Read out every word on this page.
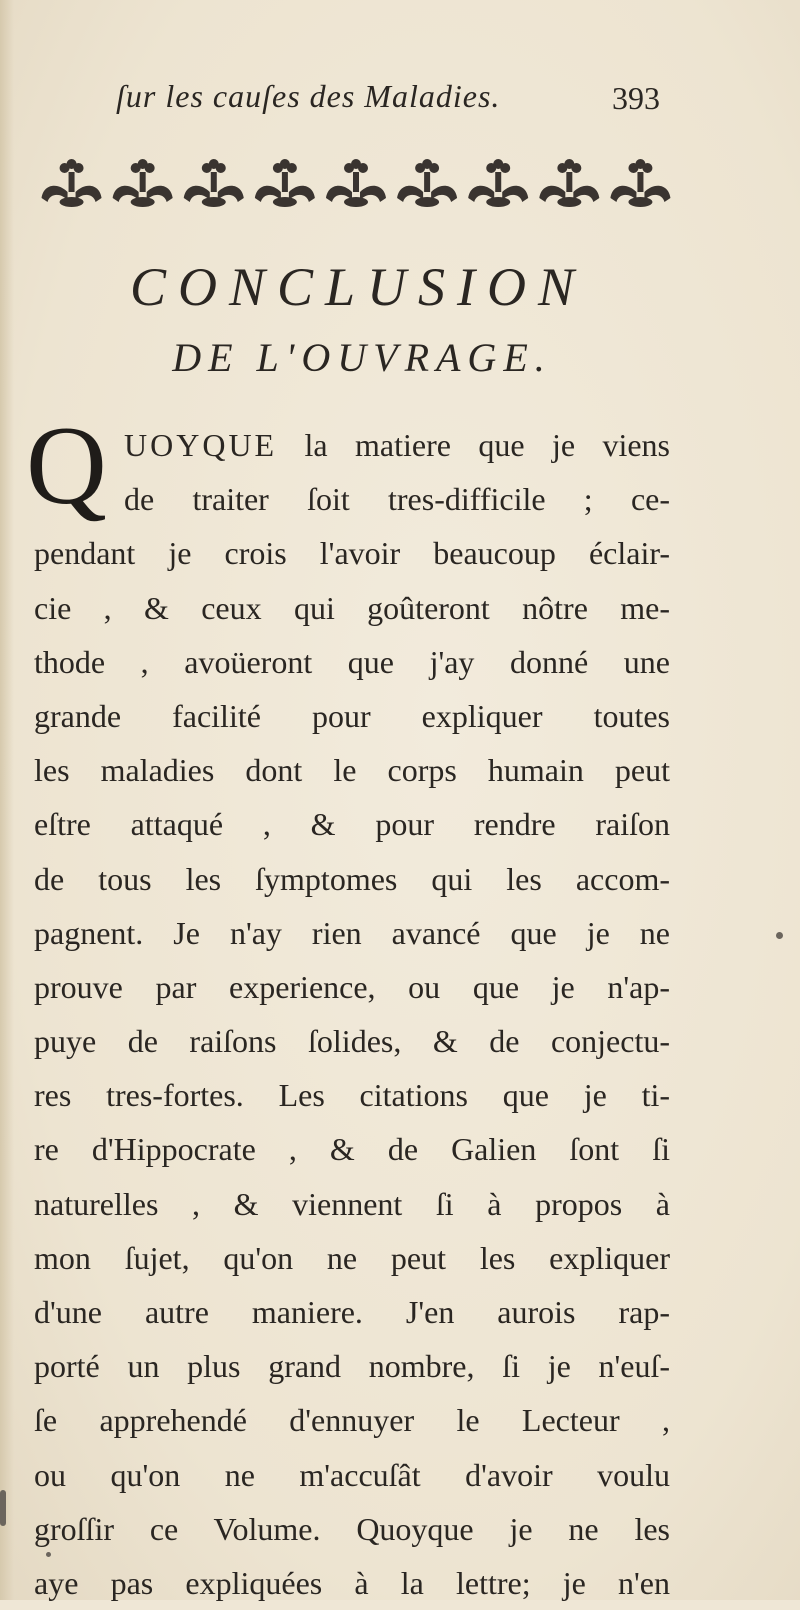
ſur les cauſes des Maladies.	393
CONCLUSION
DE L'OUVRAGE.
Q UOYQUE la matiere que je viens
de traiter ſoit tres-difficile ; ce-
pendant je crois l'avoir beaucoup éclair-
cie , & ceux qui goûteront nôtre me-
thode , avoüeront que j'ay donné une
grande facilité pour expliquer toutes
les maladies dont le corps humain peut
eſtre attaqué , & pour rendre raiſon
de tous les ſymptomes qui les accom-
pagnent. Je n'ay rien avancé que je ne
prouve par experience, ou que je n'ap-
puye de raiſons ſolides, & de conjectu-
res tres-fortes. Les citations que je ti-
re d'Hippocrate , & de Galien ſont ſi
naturelles , & viennent ſi à propos à
mon ſujet, qu'on ne peut les expliquer
d'une autre maniere. J'en aurois rap-
porté un plus grand nombre, ſi je n'euſ-
ſe apprehendé d'ennuyer le Lecteur ,
ou qu'on ne m'accuſât d'avoir voulu
groſſir ce Volume. Quoyque je ne les
aye pas expliquées à la lettre; je n'en
